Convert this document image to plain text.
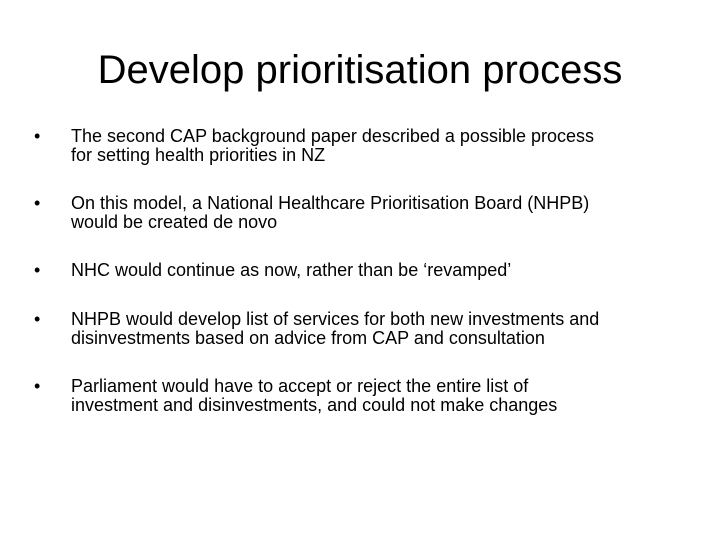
Develop prioritisation process
•	The second CAP background paper described a possible process
for setting health priorities in NZ
•	On this model, a National Healthcare Prioritisation Board (NHPB)
would be created de novo
•	NHC would continue as now, rather than be ‘revamped’
•	NHPB would develop list of services for both new investments and
disinvestments based on advice from CAP and consultation
•	Parliament would have to accept or reject the entire list of
investment and disinvestments, and could not make changes
